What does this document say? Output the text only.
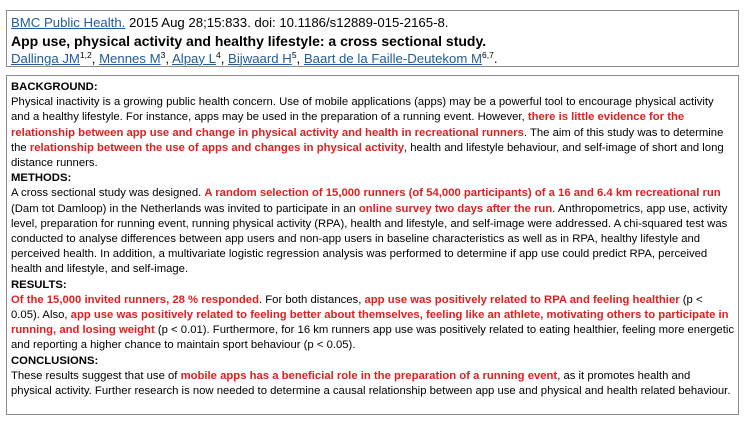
BMC Public Health. 2015 Aug 28;15:833. doi: 10.1186/s12889-015-2165-8.
App use, physical activity and healthy lifestyle: a cross sectional study.
Dallinga JM$^{1,2}$, Mennes $M^3$, Alpay $L^4$, Bijwaard $H^5$, Baart de la Faille-Deutekom M$^{6,7}$.
BACKGROUND:

Physical inactivity is a growing public health concern. Use of mobile applications (apps) may be a powerful tool to encourage physical activity and a healthy lifestyle. For instance, apps may be used in the preparation of a running event. However, there is little evidence for the relationship between app use and change in physical activity and health in recreational runners. The aim of this study was to determine the relationship between the use of apps and changes in physical activity, health and lifestyle behaviour, and self-image of short and long distance runners.

METHODS:

A cross sectional study was designed. A random selection of 15,000 runners (of 54,000 participants) of a 16 and 6.4 km recreational run (Dam tot Damloop) in the Netherlands was invited to participate in an online survey two days after the run. Anthropometrics, app use, activity level, preparation for running event, running physical activity (RPA), health and lifestyle, and self-image were addressed. A chi-squared test was conducted to analyse differences between app users and non-app users in baseline characteristics as well as in RPA, healthy lifestyle and perceived health. In addition, a multivariate logistic regression analysis was performed to determine if app use could predict RPA, perceived health and lifestyle, and self-image.

RESULTS:

Of the 15,000 invited runners, 28 % responded. For both distances, app use was positively related to RPA and feeling healthier (p < 0.05). Also, app use was positively related to feeling better about themselves, feeling like an athlete, motivating others to participate in running, and losing weight (p < 0.01). Furthermore, for 16 km runners app use was positively related to eating healthier, feeling more energetic and reporting a higher chance to maintain sport behaviour (p < 0.05).

CONCLUSIONS:

These results suggest that use of mobile apps has a beneficial role in the preparation of a running event, as it promotes health and physical activity. Further research is now needed to determine a causal relationship between app use and physical and health related behaviour.
